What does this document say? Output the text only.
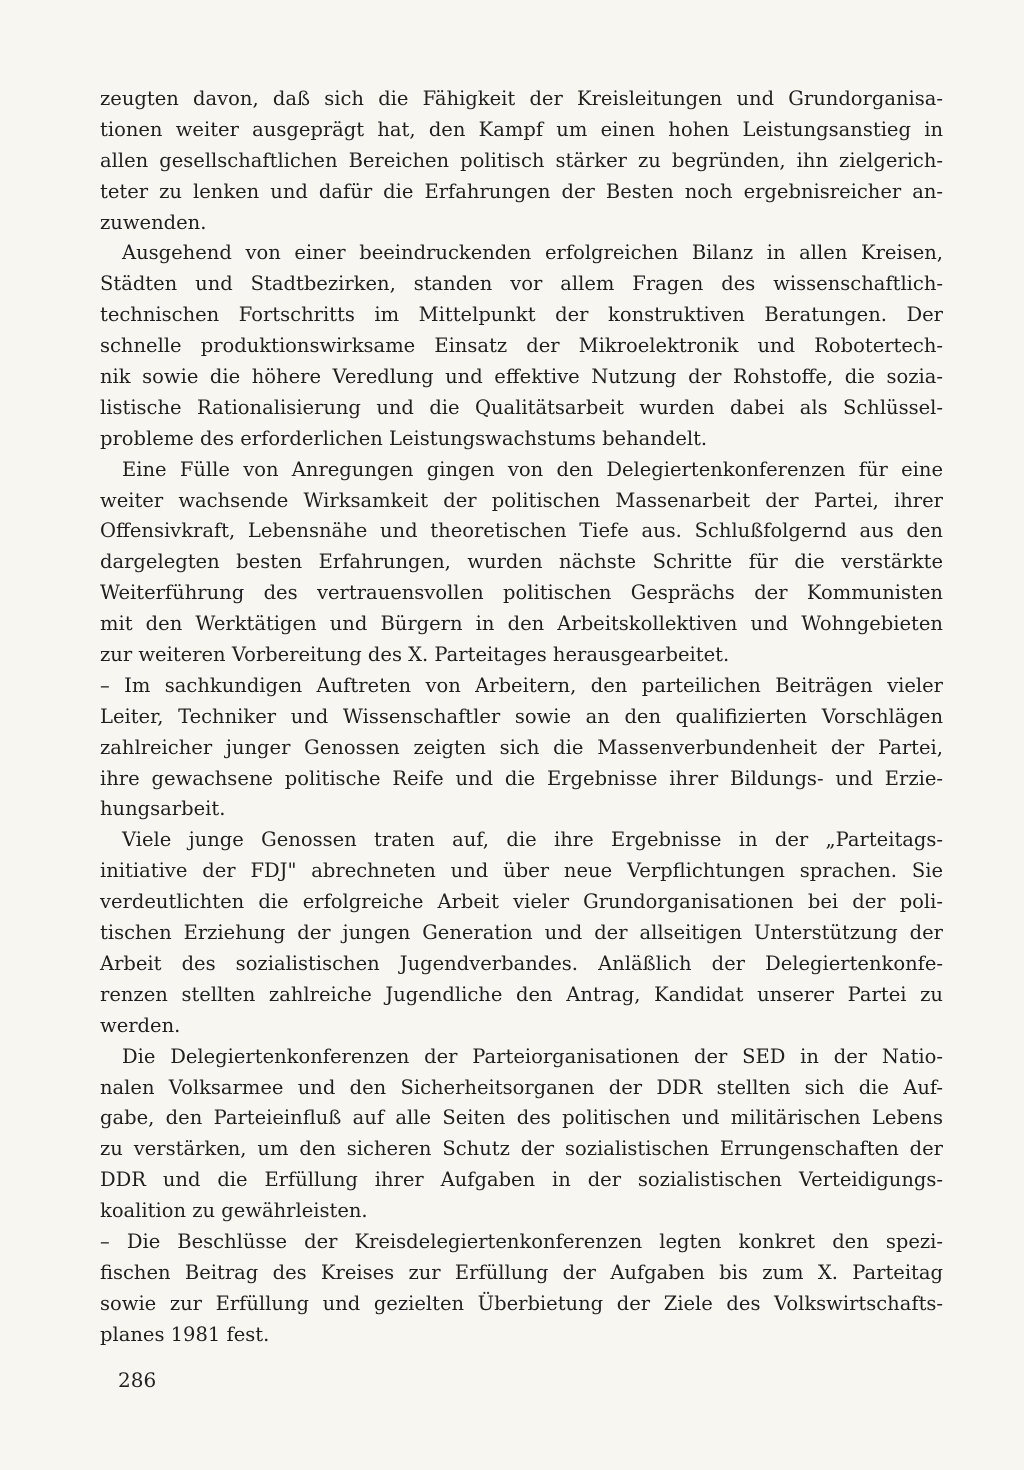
zeugten davon, daß sich die Fähigkeit der Kreisleitungen und Grundorganisa-
tionen weiter ausgeprägt hat, den Kampf um einen hohen Leistungsanstieg in
allen gesellschaftlichen Bereichen politisch stärker zu begründen, ihn zielgerich-
teter zu lenken und dafür die Erfahrungen der Besten noch ergebnisreicher an-
zuwenden.
Ausgehend von einer beeindruckenden erfolgreichen Bilanz in allen Kreisen,
Städten und Stadtbezirken, standen vor allem Fragen des wissenschaftlich-
technischen Fortschritts im Mittelpunkt der konstruktiven Beratungen. Der
schnelle produktionswirksame Einsatz der Mikroelektronik und Robotertech-
nik sowie die höhere Veredlung und effektive Nutzung der Rohstoffe, die sozia-
listische Rationalisierung und die Qualitätsarbeit wurden dabei als Schlüssel-
probleme des erforderlichen Leistungswachstums behandelt.
Eine Fülle von Anregungen gingen von den Delegiertenkonferenzen für eine
weiter wachsende Wirksamkeit der politischen Massenarbeit der Partei, ihrer
Offensivkraft, Lebensnähe und theoretischen Tiefe aus. Schlußfolgernd aus den
dargelegten besten Erfahrungen, wurden nächste Schritte für die verstärkte
Weiterführung des vertrauensvollen politischen Gesprächs der Kommunisten
mit den Werktätigen und Bürgern in den Arbeitskollektiven und Wohngebieten
zur weiteren Vorbereitung des X. Parteitages herausgearbeitet.
– Im sachkundigen Auftreten von Arbeitern, den parteilichen Beiträgen vieler
Leiter, Techniker und Wissenschaftler sowie an den qualifizierten Vorschlägen
zahlreicher junger Genossen zeigten sich die Massenverbundenheit der Partei,
ihre gewachsene politische Reife und die Ergebnisse ihrer Bildungs- und Erzie-
hungsarbeit.
Viele junge Genossen traten auf, die ihre Ergebnisse in der „Parteitags-
initiative der FDJ" abrechneten und über neue Verpflichtungen sprachen. Sie
verdeutlichten die erfolgreiche Arbeit vieler Grundorganisationen bei der poli-
tischen Erziehung der jungen Generation und der allseitigen Unterstützung der
Arbeit des sozialistischen Jugendverbandes. Anläßlich der Delegiertenkonfe-
renzen stellten zahlreiche Jugendliche den Antrag, Kandidat unserer Partei zu
werden.
Die Delegiertenkonferenzen der Parteiorganisationen der SED in der Natio-
nalen Volksarmee und den Sicherheitsorganen der DDR stellten sich die Auf-
gabe, den Parteieinfluß auf alle Seiten des politischen und militärischen Lebens
zu verstärken, um den sicheren Schutz der sozialistischen Errungenschaften der
DDR und die Erfüllung ihrer Aufgaben in der sozialistischen Verteidigungs-
koalition zu gewährleisten.
– Die Beschlüsse der Kreisdelegiertenkonferenzen legten konkret den spezi-
fischen Beitrag des Kreises zur Erfüllung der Aufgaben bis zum X. Parteitag
sowie zur Erfüllung und gezielten Überbietung der Ziele des Volkswirtschafts-
planes 1981 fest.
286
